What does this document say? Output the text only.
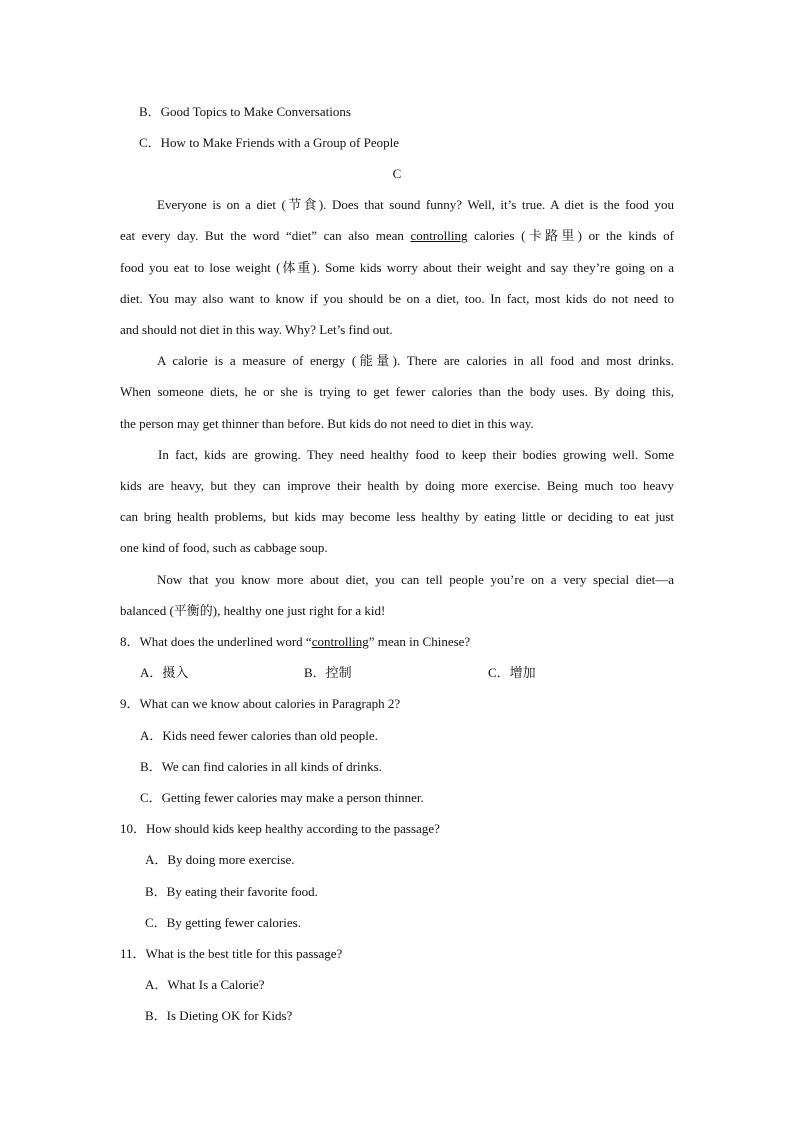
B．Good Topics to Make Conversations
C．How to Make Friends with a Group of People
C
Everyone is on a diet (节食). Does that sound funny? Well, it’s true. A diet is the food you
eat every day. But the word “diet” can also mean controlling calories (卡路里) or the kinds of
food you eat to lose weight (体重). Some kids worry about their weight and say they’re going on a
diet. You may also want to know if you should be on a diet, too. In fact, most kids do not need to
and should not diet in this way. Why? Let’s find out.
A calorie is a measure of energy (能量). There are calories in all food and most drinks.
When someone diets, he or she is trying to get fewer calories than the body uses. By doing this,
the person may get thinner than before. But kids do not need to diet in this way.
In fact, kids are growing. They need healthy food to keep their bodies growing well. Some
kids are heavy, but they can improve their health by doing more exercise. Being much too heavy
can bring health problems, but kids may become less healthy by eating little or deciding to eat just
one kind of food, such as cabbage soup.
Now that you know more about diet, you can tell people you’re on a very special diet—a
balanced (平衡的), healthy one just right for a kid!
8．What does the underlined word “controlling” mean in Chinese?
A．摄入	B．控制	C．增加
9．What can we know about calories in Paragraph 2?
A．Kids need fewer calories than old people.
B．We can find calories in all kinds of drinks.
C．Getting fewer calories may make a person thinner.
10．How should kids keep healthy according to the passage?
A．By doing more exercise.
B．By eating their favorite food.
C．By getting fewer calories.
11．What is the best title for this passage?
A．What Is a Calorie?
B．Is Dieting OK for Kids?
